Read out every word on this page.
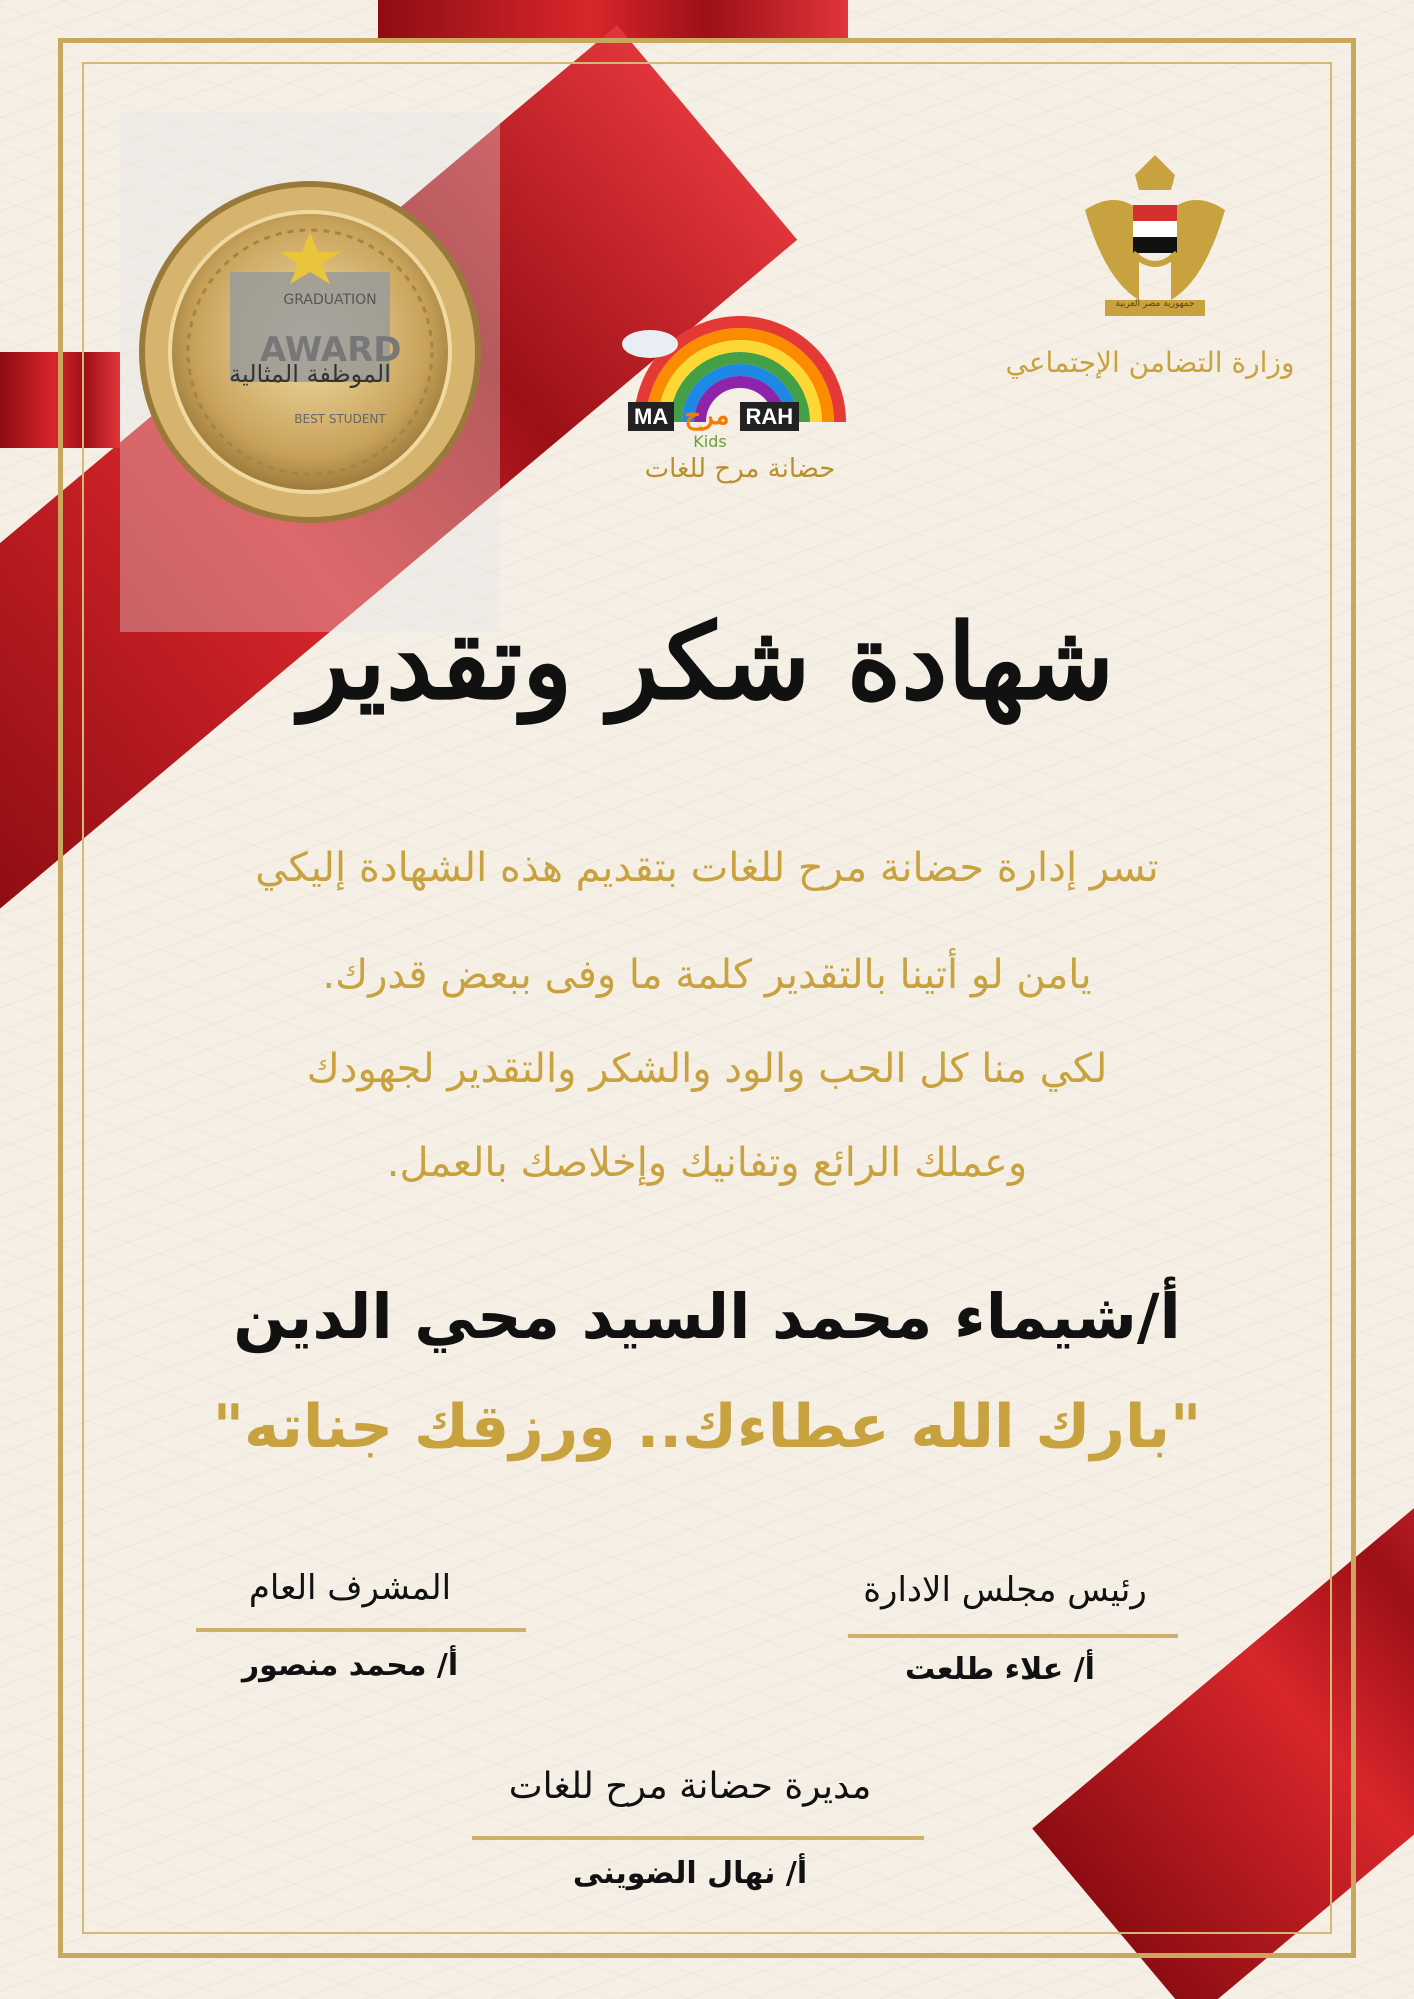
GRADUATION
AWARD
الموظفة المثالية
BEST STUDENT	MA مرح RAH
Kids
حضانة مرح للغات
جمهورية مصر العربية
وزارة التضامن الإجتماعي
شهادة شكر وتقدير
تسر إدارة حضانة مرح للغات بتقديم هذه الشهادة إليكي
يامن لو أتينا بالتقدير كلمة ما وفى ببعض قدرك.
لكي منا كل الحب والود والشكر والتقدير لجهودك
وعملك الرائع وتفانيك وإخلاصك بالعمل.
أ/شيماء محمد السيد محي الدين
"بارك الله عطاءك.. ورزقك جناته"
المشرف العام
أ/ محمد منصور
رئيس مجلس الادارة
أ/ علاء طلعت
مديرة حضانة مرح للغات
أ/ نهال الضوينى
